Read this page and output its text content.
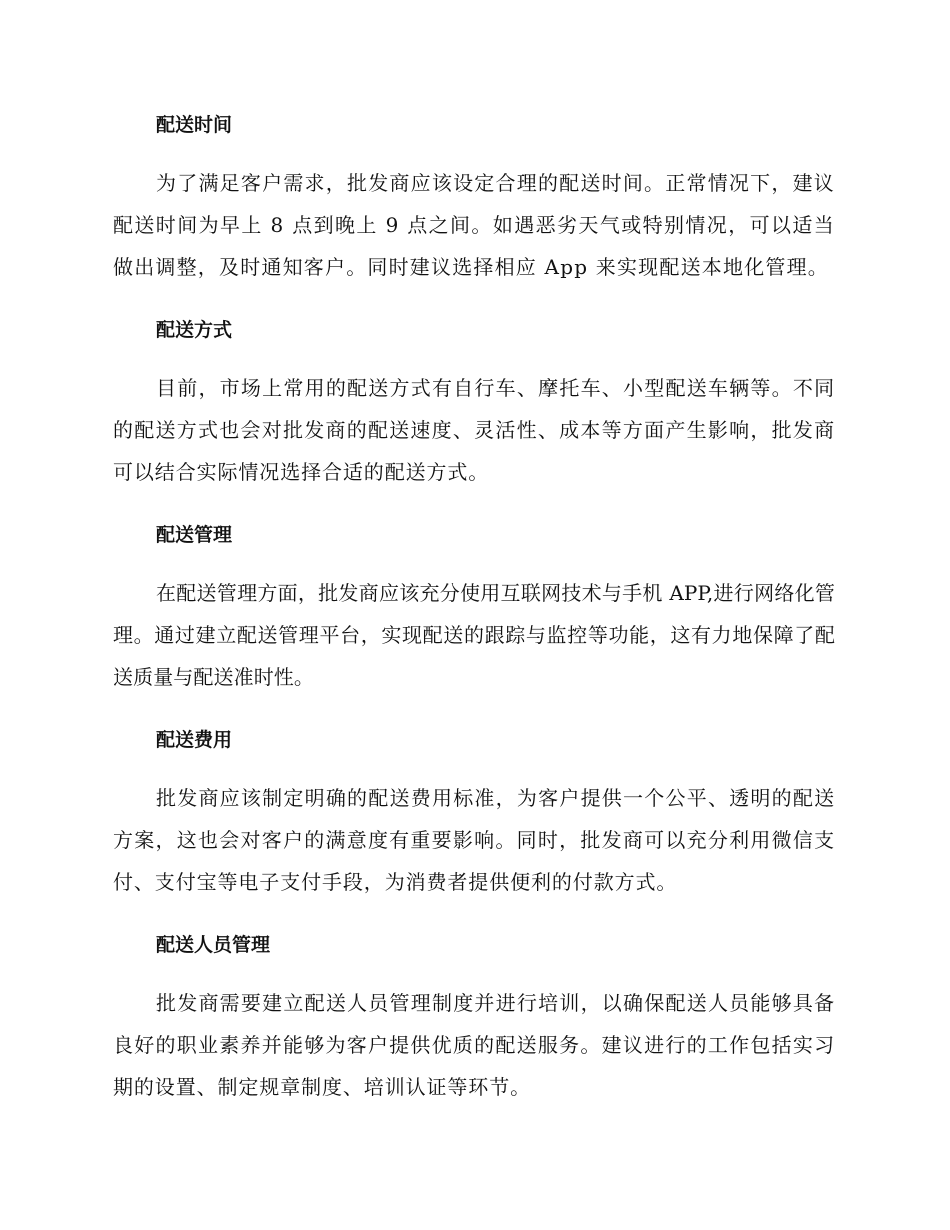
配送时间

为了满足客户需求，批发商应该设定合理的配送时间。正常情况下，建议配送时间为早上 8 点到晚上 9 点之间。如遇恶劣天气或特别情况，可以适当做出调整，及时通知客户。同时建议选择相应 App 来实现配送本地化管理。

配送方式

目前，市场上常用的配送方式有自行车、摩托车、小型配送车辆等。不同的配送方式也会对批发商的配送速度、灵活性、成本等方面产生影响，批发商可以结合实际情况选择合适的配送方式。

配送管理

在配送管理方面，批发商应该充分使用互联网技术与手机 APP,进行网络化管理。通过建立配送管理平台，实现配送的跟踪与监控等功能，这有力地保障了配送质量与配送准时性。

配送费用

批发商应该制定明确的配送费用标准，为客户提供一个公平、透明的配送方案，这也会对客户的满意度有重要影响。同时，批发商可以充分利用微信支付、支付宝等电子支付手段，为消费者提供便利的付款方式。

配送人员管理

批发商需要建立配送人员管理制度并进行培训，以确保配送人员能够具备良好的职业素养并能够为客户提供优质的配送服务。建议进行的工作包括实习期的设置、制定规章制度、培训认证等环节。
